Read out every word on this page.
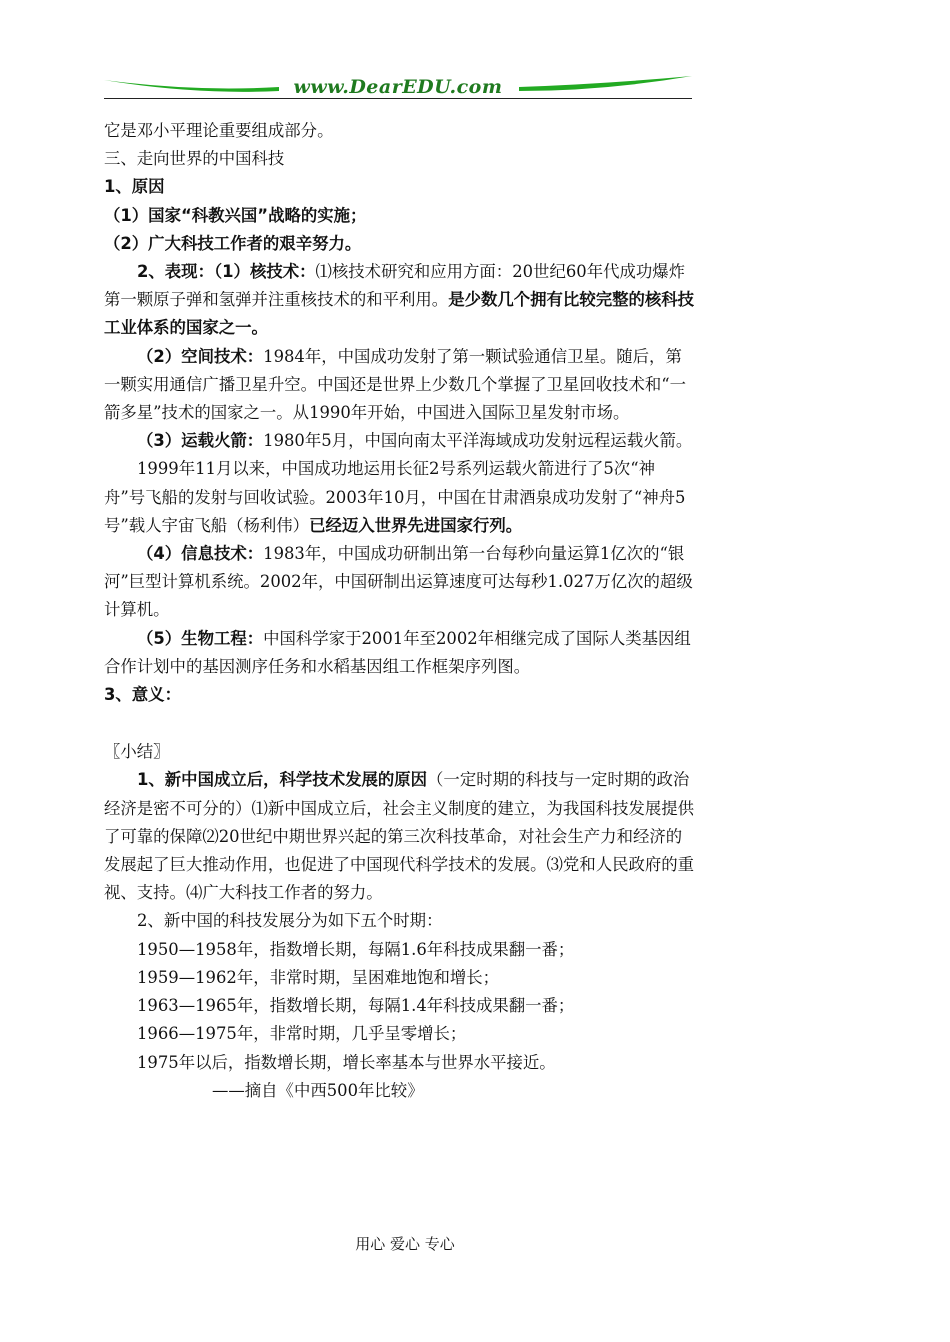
www.DearEDU.com

它是邓小平理论重要组成部分。

三、走向世界的中国科技

1、原因

（1）国家“科教兴国”战略的实施；

（2）广大科技工作者的艰辛努力。

2、表现：（1）核技术：⑴核技术研究和应用方面：20世纪60年代成功爆炸第一颗原子弹和氢弹并注重核技术的和平利用。是少数几个拥有比较完整的核科技工业体系的国家之一。

（2）空间技术：1984年，中国成功发射了第一颗试验通信卫星。随后，第一颗实用通信广播卫星升空。中国还是世界上少数几个掌握了卫星回收技术和“一箭多星”技术的国家之一。从1990年开始，中国进入国际卫星发射市场。

（3）运载火箭：1980年5月，中国向南太平洋海域成功发射远程运载火箭。

1999年11月以来，中国成功地运用长征2号系列运载火箭进行了5次“神舟”号飞船的发射与回收试验。2003年10月，中国在甘肃酒泉成功发射了“神舟5号”载人宇宙飞船（杨利伟）已经迈入世界先进国家行列。

（4）信息技术：1983年，中国成功研制出第一台每秒向量运算1亿次的“银河”巨型计算机系统。2002年，中国研制出运算速度可达每秒1.027万亿次的超级计算机。

（5）生物工程：中国科学家于2001年至2002年相继完成了国际人类基因组合作计划中的基因测序任务和水稻基因组工作框架序列图。

3、意义：

〖小结〗

1、新中国成立后，科学技术发展的原因（一定时期的科技与一定时期的政治经济是密不可分的）⑴新中国成立后，社会主义制度的建立，为我国科技发展提供了可靠的保障⑵20世纪中期世界兴起的第三次科技革命，对社会生产力和经济的发展起了巨大推动作用，也促进了中国现代科学技术的发展。⑶党和人民政府的重视、支持。⑷广大科技工作者的努力。

2、新中国的科技发展分为如下五个时期：

1950—1958年，指数增长期，每隔1.6年科技成果翻一番；

1959—1962年，非常时期，呈困难地饱和增长；

1963—1965年，指数增长期，每隔1.4年科技成果翻一番；

1966—1975年，非常时期，几乎呈零增长；

1975年以后，指数增长期，增长率基本与世界水平接近。

——摘自《中西500年比较》

用心 爱心 专心
